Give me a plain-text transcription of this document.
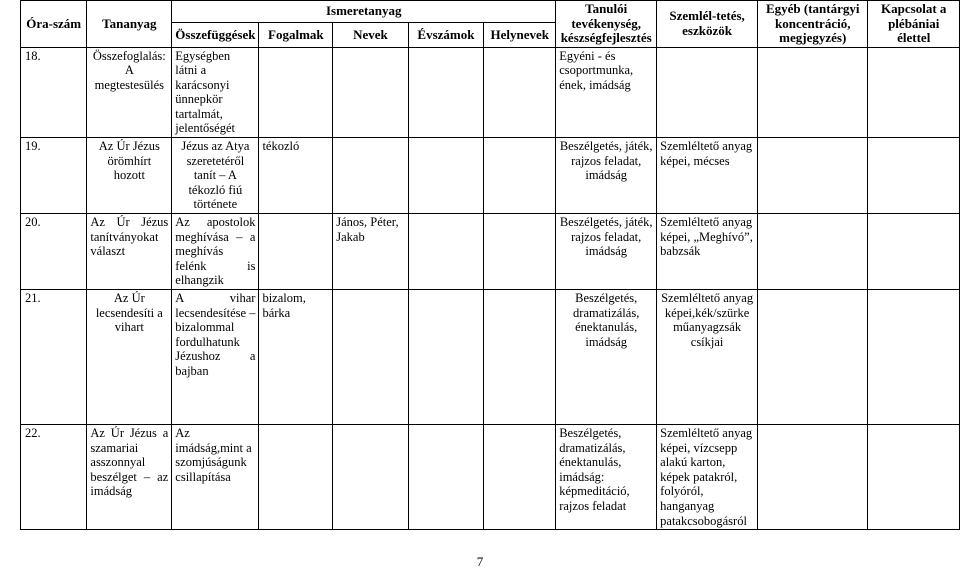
Óra-szám	Tananyag	Ismeretanyag					Tanulói tevékenység, készségfejlesztés	Szemlél-tetés, eszközök	Egyéb (tantárgyi koncentráció, megjegyzés)	Kapcsolat a plébániai élettel
		Összefüggések	Fogalmak	Nevek	Évszámok	Helynevek				
18.	Összefoglalás: A megtestesülés	Egységben látni a karácsonyi ünnepkör tartalmát, jelentőségét					Egyéni - és csoportmunka, ének, imádság			
19.	Az Úr Jézus örömhírt hozott	Jézus az Atya szeretetéről tanít – A tékozló fiú története	tékozló				Beszélgetés, játék, rajzos feladat, imádság	Szemléltető anyag képei, mécses		
20.	Az Úr Jézus tanítványokat választ	Az apostolok meghívása – a meghívás felénk is elhangzik		János, Péter, Jakab			Beszélgetés, játék, rajzos feladat, imádság	Szemléltető anyag képei, „Meghívó”, babzsák		
21.	Az Úr lecsendesíti a vihart	A vihar lecsendesítése – bizalommal fordulhatunk Jézushoz a bajban	bizalom, bárka				Beszélgetés, dramatizálás, énektanulás, imádság	Szemléltető anyag képei,kék/szürke műanyagzsák csíkjai		
22.	Az Úr Jézus a szamariai asszonnyal beszélget – az imádság	Az imádság,mint a szomjúságunk csillapítása					Beszélgetés, dramatizálás, énektanulás, imádság: képmeditáció, rajzos feladat	Szemléltető anyag képei, vízcsepp alakú karton, képek patakról, folyóról, hanganyag patakcsobogásról		
7
